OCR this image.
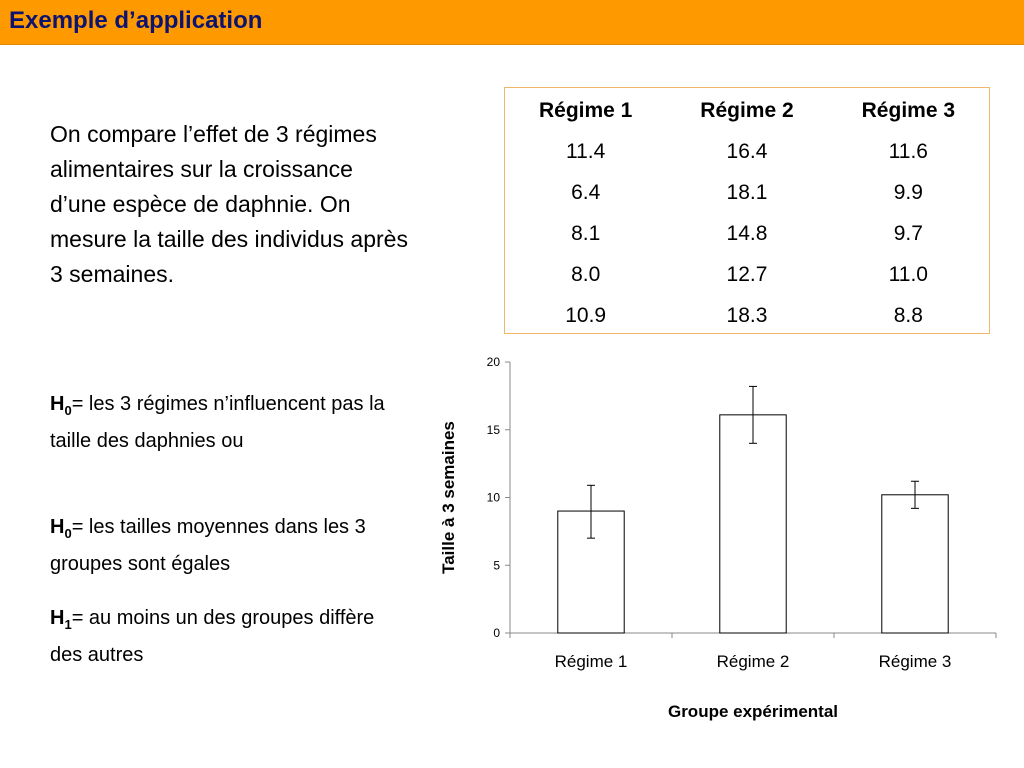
Exemple d’application
On compare l’effet de 3 régimes alimentaires sur la croissance d’une espèce de daphnie. On mesure la taille des individus après 3 semaines.
$H_0=$ les 3 régimes n’influencent pas la taille des daphnies ou
$H_0=$ les tailles moyennes dans les 3 groupes sont égales
$H_1=$ au moins un des groupes diffère des autres
Régime 1	Régime 2	Régime 3
11.4	16.4	11.6
6.4	18.1	9.9
8.1	14.8	9.7
8.0	12.7	11.0
10.9	18.3	8.8
0
5
10
15
20
Régime 1	Régime 2	Régime 3
Groupe expérimental
Taille à 3 semaines
